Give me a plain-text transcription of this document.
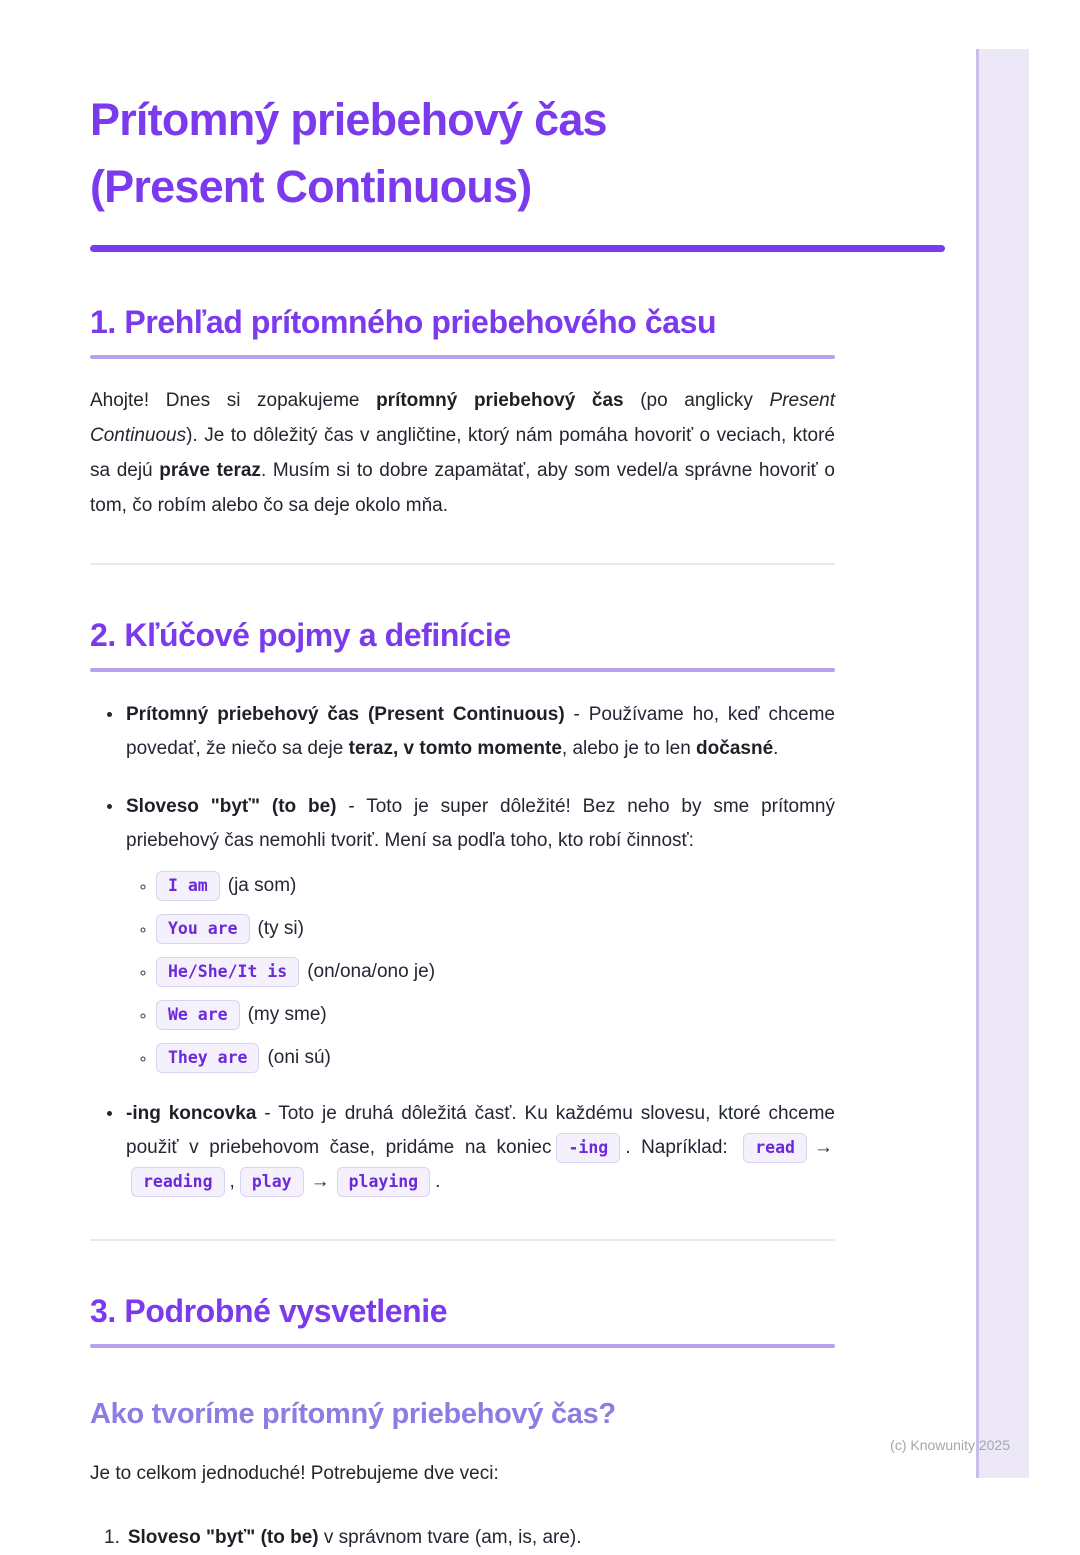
Prítomný priebehový čas
(Present Continuous)
1. Prehľad prítomného priebehového času

Ahojte! Dnes si zopakujeme prítomný priebehový čas (po anglicky Present Continuous). Je to dôležitý čas v angličtine, ktorý nám pomáha hovoriť o veciach, ktoré sa dejú práve teraz. Musím si to dobre zapamätať, aby som vedel/a správne hovoriť o tom, čo robím alebo čo sa deje okolo mňa.

2. Kľúčové pojmy a definície
• Prítomný priebehový čas (Present Continuous) - Používame ho, keď chceme povedať, že niečo sa deje teraz, v tomto momente, alebo je to len dočasné.
• Sloveso "byť" (to be) - Toto je super dôležité! Bez neho by sme prítomný priebehový čas nemohli tvoriť. Mení sa podľa toho, kto robí činnosť:
◦ I am (ja som)
◦ You are (ty si)
◦ He/She/It is (on/ona/ono je)
◦ We are (my sme)
◦ They are (oni sú)
• -ing koncovka - Toto je druhá dôležitá časť. Ku každému slovesu, ktoré chceme použiť v priebehovom čase, pridáme na koniec -ing . Napríklad: read →reading , play → playing .
3. Podrobné vysvetlenie
Ako tvoríme prítomný priebehový čas?

Je to celkom jednoduché! Potrebujeme dve veci:

1. Sloveso "byť" (to be) v správnom tvare (am, is, are).
(c) Knowunity 2025
